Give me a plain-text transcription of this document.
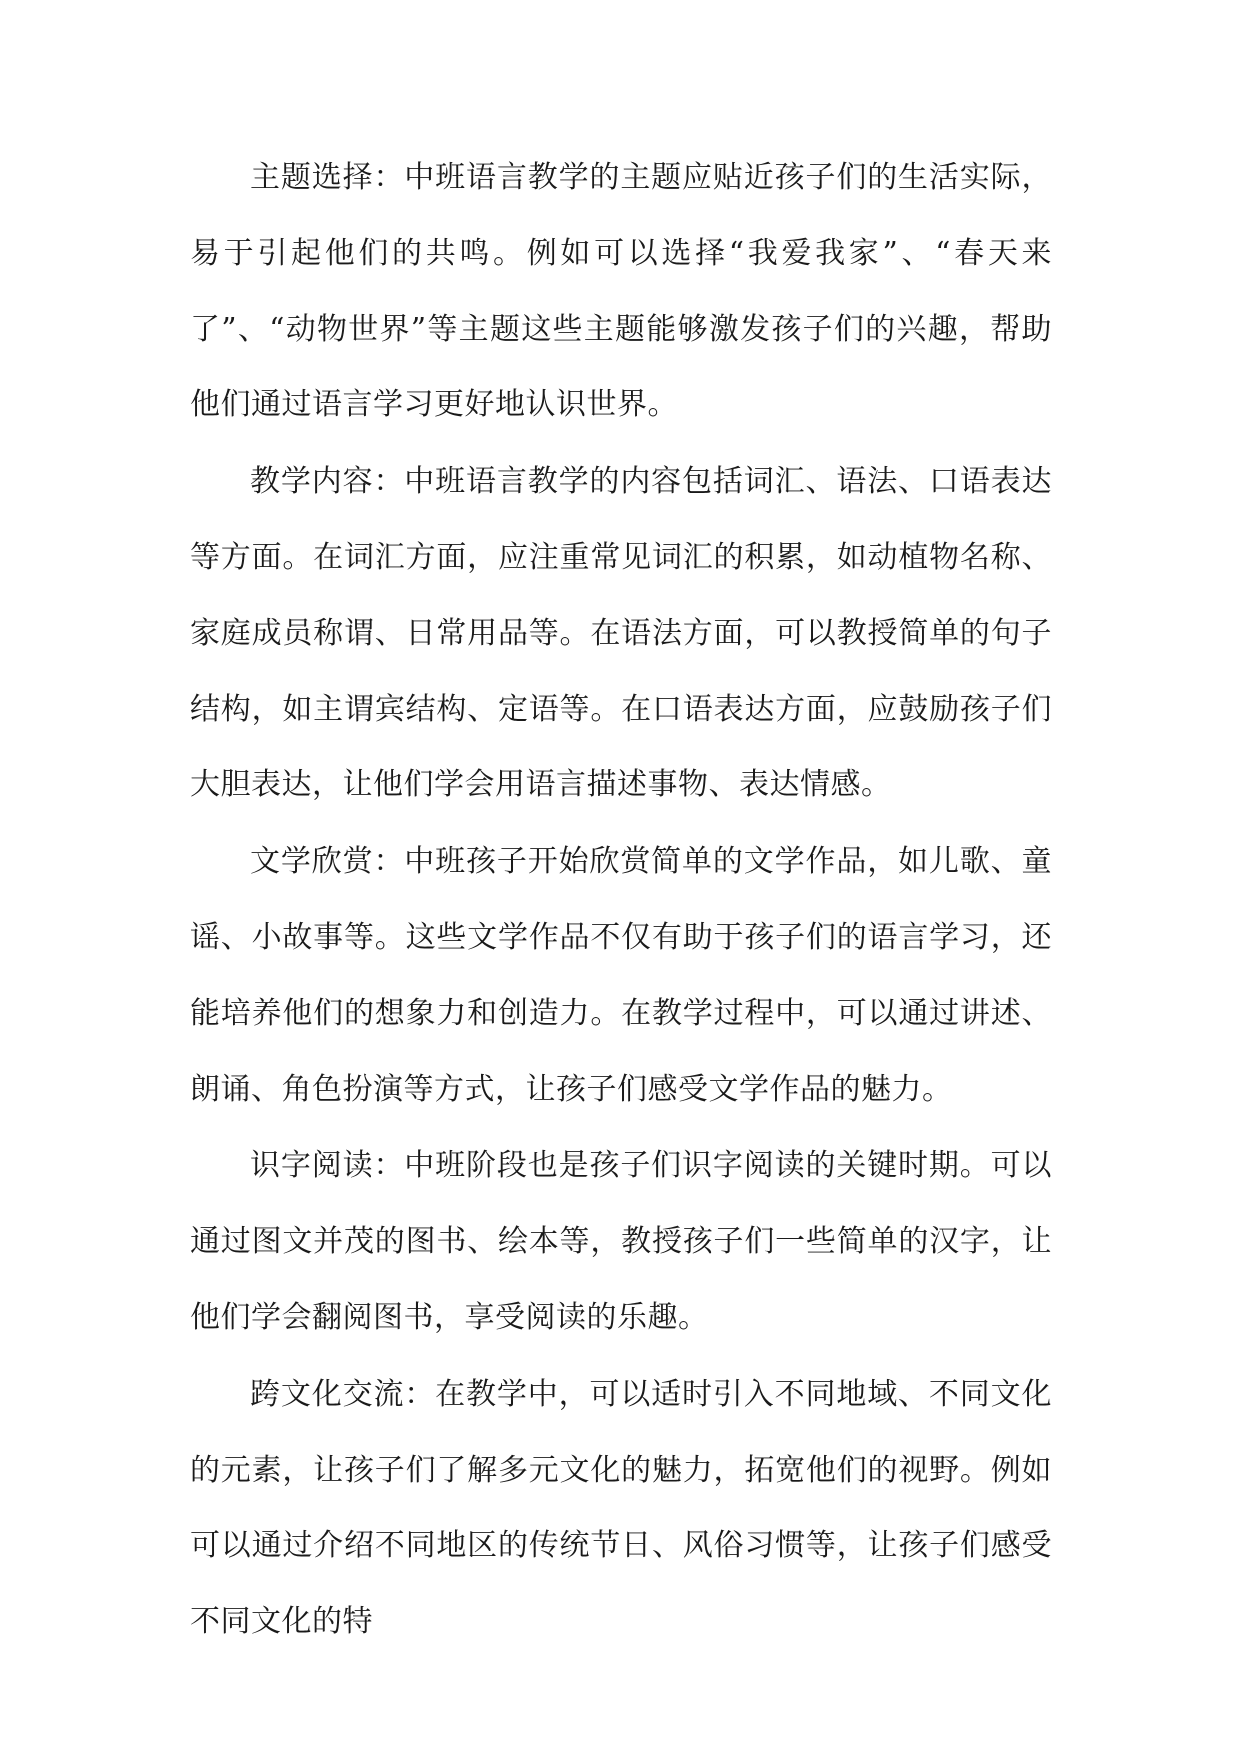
主题选择：中班语言教学的主题应贴近孩子们的生活实际，易于引起他们的共鸣。例如可以选择“我爱我家”、“春天来了”、“动物世界”等主题这些主题能够激发孩子们的兴趣，帮助他们通过语言学习更好地认识世界。

教学内容：中班语言教学的内容包括词汇、语法、口语表达等方面。在词汇方面，应注重常见词汇的积累，如动植物名称、家庭成员称谓、日常用品等。在语法方面，可以教授简单的句子结构，如主谓宾结构、定语等。在口语表达方面，应鼓励孩子们大胆表达，让他们学会用语言描述事物、表达情感。

文学欣赏：中班孩子开始欣赏简单的文学作品，如儿歌、童谣、小故事等。这些文学作品不仅有助于孩子们的语言学习，还能培养他们的想象力和创造力。在教学过程中，可以通过讲述、朗诵、角色扮演等方式，让孩子们感受文学作品的魅力。

识字阅读：中班阶段也是孩子们识字阅读的关键时期。可以通过图文并茂的图书、绘本等，教授孩子们一些简单的汉字，让他们学会翻阅图书，享受阅读的乐趣。

跨文化交流：在教学中，可以适时引入不同地域、不同文化的元素，让孩子们了解多元文化的魅力，拓宽他们的视野。例如可以通过介绍不同地区的传统节日、风俗习惯等，让孩子们感受不同文化的特
